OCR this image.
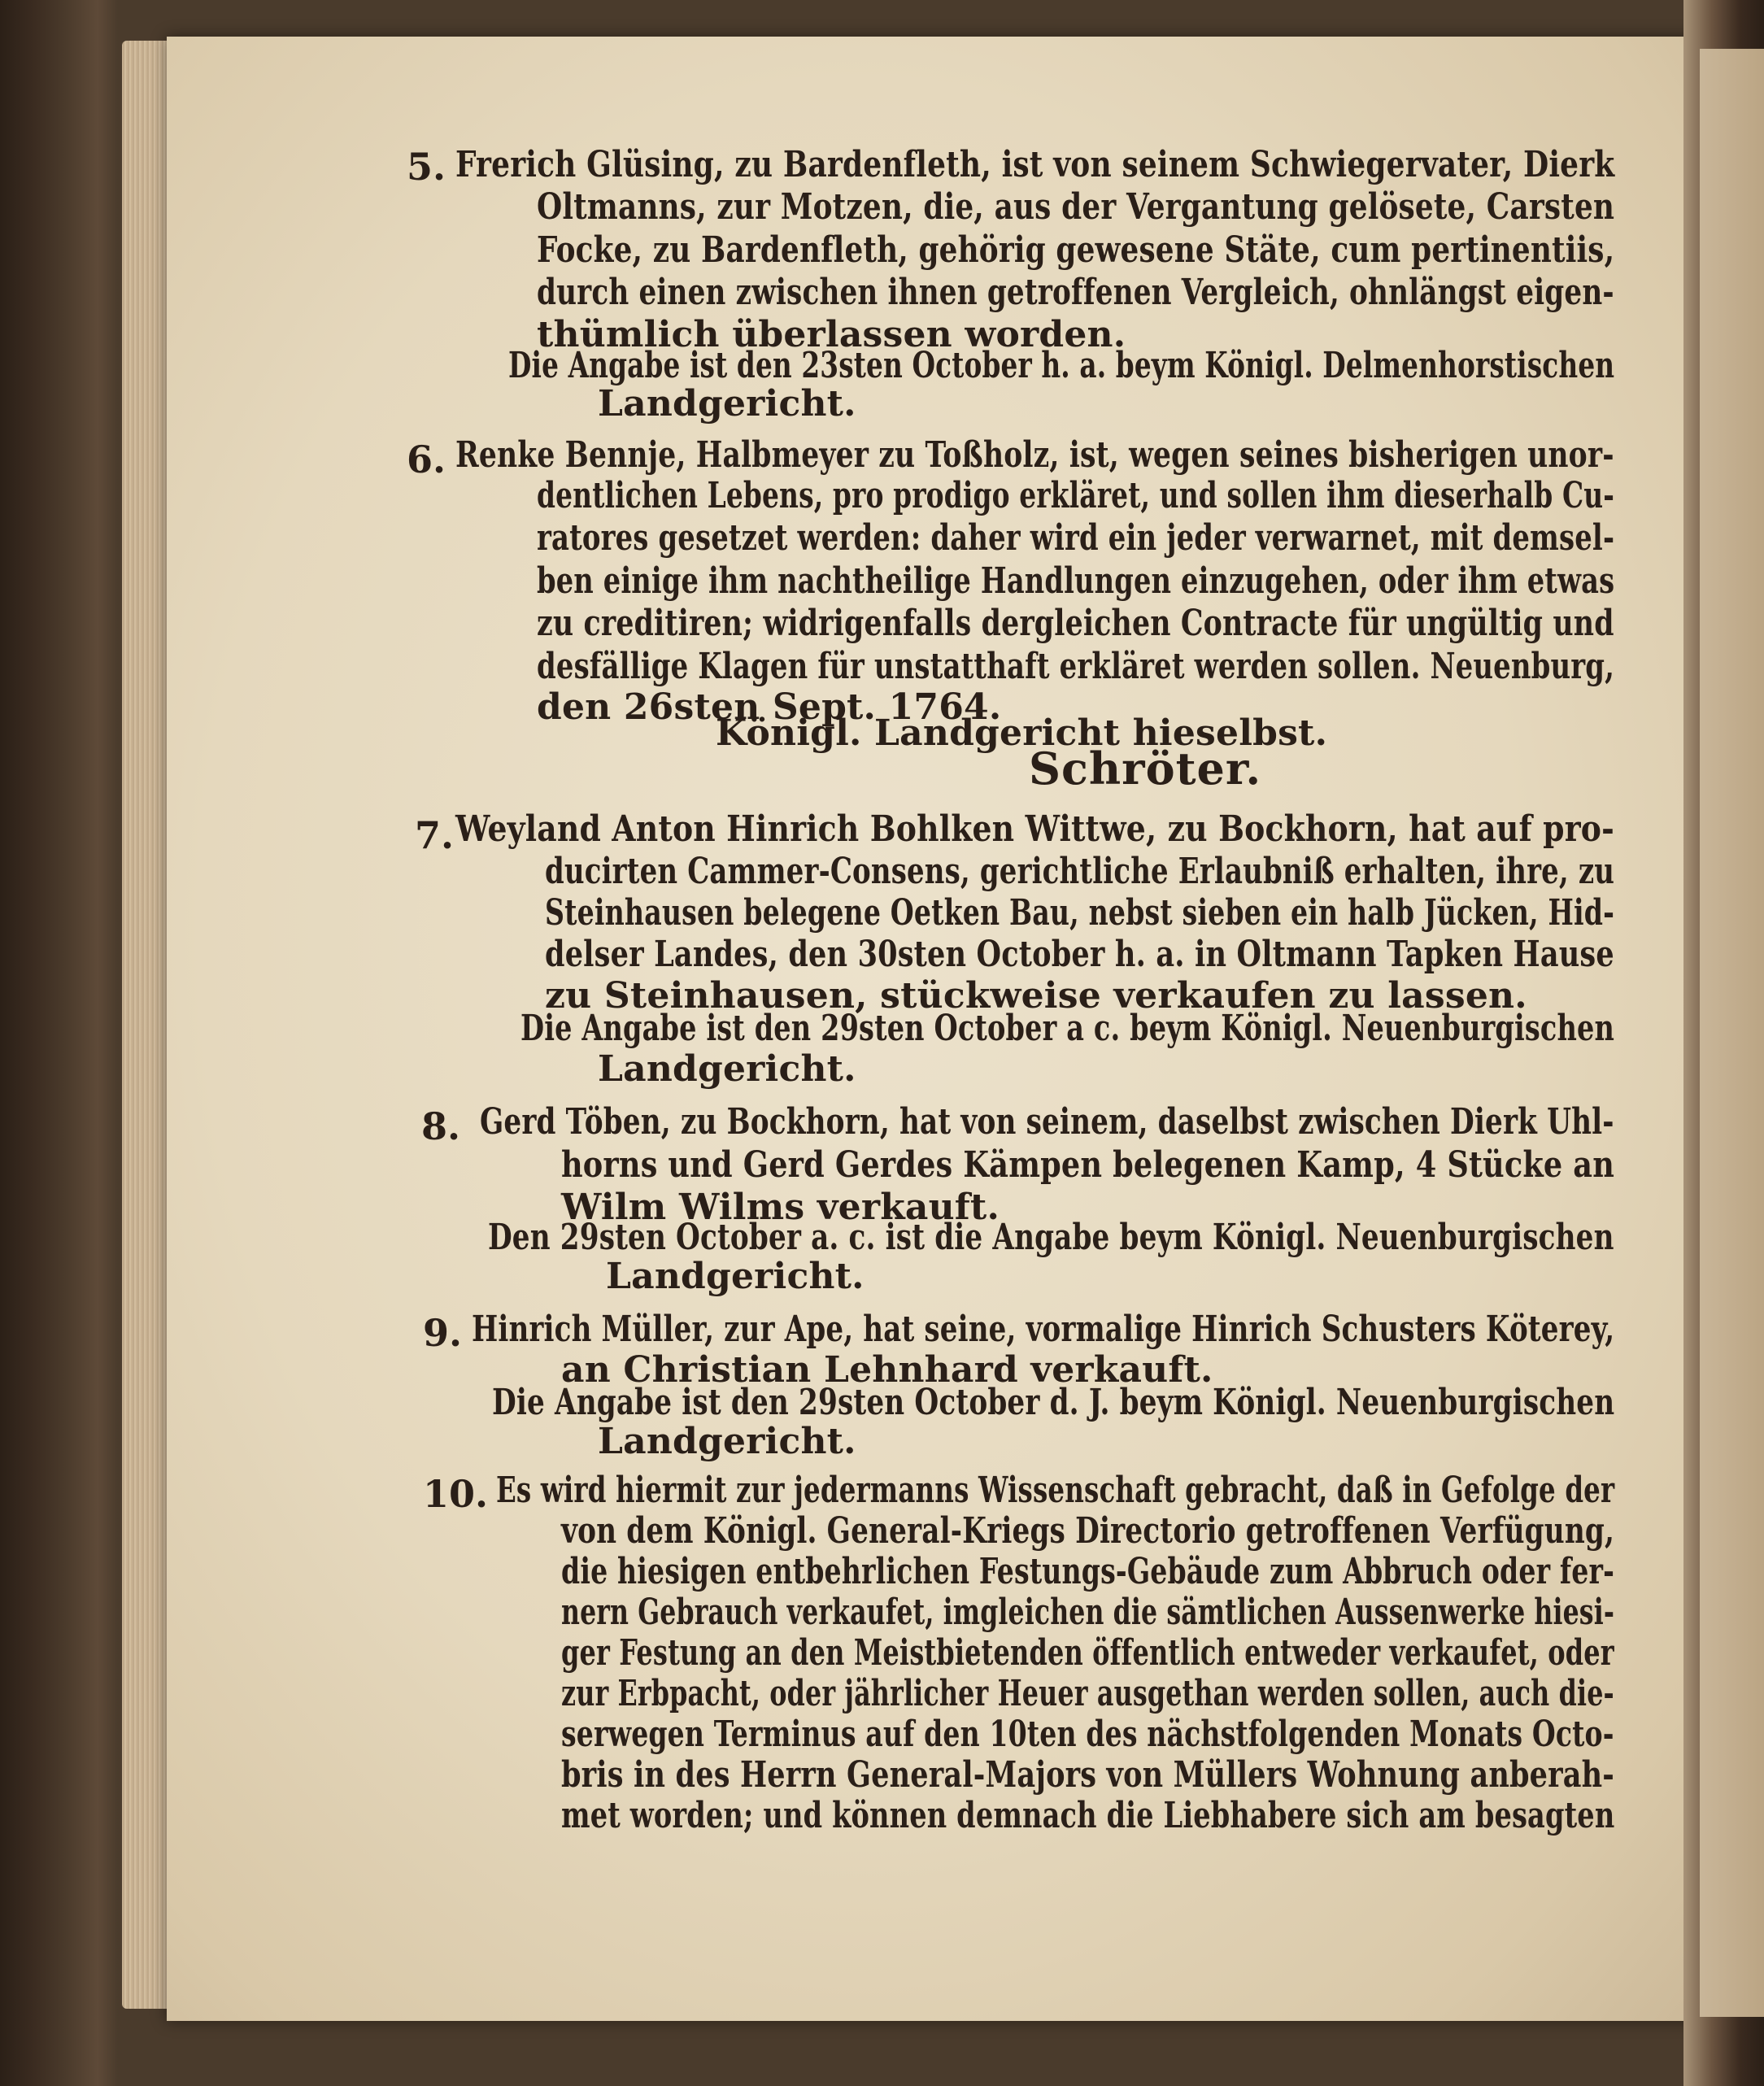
5. Frerich Glüsing, zu Bardenfleth, ist von seinem Schwiegervater, Dierk
Oltmanns, zur Motzen, die, aus der Vergantung gelösete, Carsten
Focke, zu Bardenfleth, gehörig gewesene Stäte, cum pertinentiis,
durch einen zwischen ihnen getroffenen Vergleich, ohnlängst eigen-
thümlich überlassen worden.
Die Angabe ist den 23sten October h. a. beym Königl. Delmenhorstischen
Landgericht.
6. Renke Bennje, Halbmeyer zu Toßholz, ist, wegen seines bisherigen unor-
dentlichen Lebens, pro prodigo erkläret, und sollen ihm dieserhalb Cu-
ratores gesetzet werden: daher wird ein jeder verwarnet, mit demsel-
ben einige ihm nachtheilige Handlungen einzugehen, oder ihm etwas
zu creditiren; widrigenfalls dergleichen Contracte für ungültig und
desfällige Klagen für unstatthaft erkläret werden sollen. Neuenburg,
den 26sten Sept. 1764.
Königl. Landgericht hieselbst.
Schröter.
7. Weyland Anton Hinrich Bohlken Wittwe, zu Bockhorn, hat auf pro-
ducirten Cammer-Consens, gerichtliche Erlaubniß erhalten, ihre, zu
Steinhausen belegene Oetken Bau, nebst sieben ein halb Jücken, Hid-
delser Landes, den 30sten October h. a. in Oltmann Tapken Hause
zu Steinhausen, stückweise verkaufen zu lassen.
Die Angabe ist den 29sten October a c. beym Königl. Neuenburgischen
Landgericht.
8. Gerd Töben, zu Bockhorn, hat von seinem, daselbst zwischen Dierk Uhl-
horns und Gerd Gerdes Kämpen belegenen Kamp, 4 Stücke an
Wilm Wilms verkauft.
Den 29sten October a. c. ist die Angabe beym Königl. Neuenburgischen
Landgericht.
9. Hinrich Müller, zur Ape, hat seine, vormalige Hinrich Schusters Köterey,
an Christian Lehnhard verkauft.
Die Angabe ist den 29sten October d. J. beym Königl. Neuenburgischen
Landgericht.
10. Es wird hiermit zur jedermanns Wissenschaft gebracht, daß in Gefolge der
von dem Königl. General-Kriegs Directorio getroffenen Verfügung,
die hiesigen entbehrlichen Festungs-Gebäude zum Abbruch oder fer-
nern Gebrauch verkaufet, imgleichen die sämtlichen Aussenwerke hiesi-
ger Festung an den Meistbietenden öffentlich entweder verkaufet, oder
zur Erbpacht, oder jährlicher Heuer ausgethan werden sollen, auch die-
serwegen Terminus auf den 10ten des nächstfolgenden Monats Octo-
bris in des Herrn General-Majors von Müllers Wohnung anberah-
met worden; und können demnach die Liebhabere sich am besagten
